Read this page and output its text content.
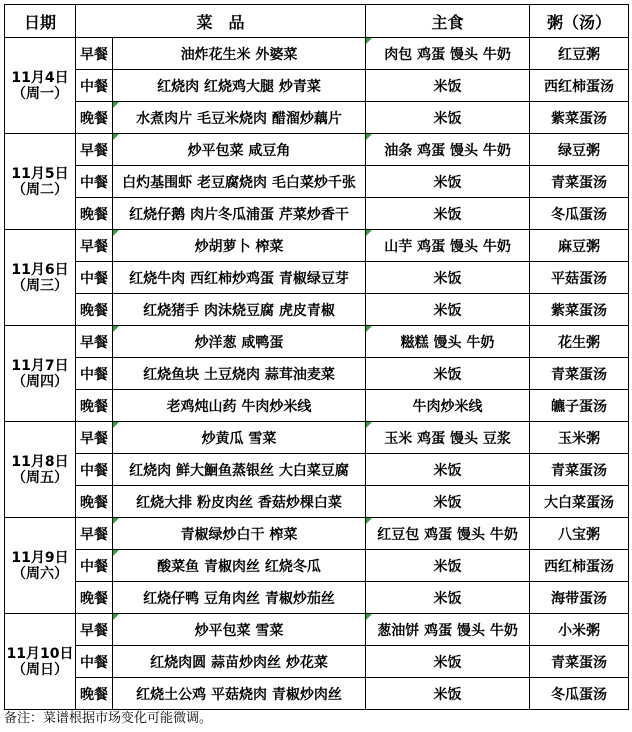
日期	菜　品		主食	粥（汤）

11月4日
（周一）	早餐	油炸花生米 外婆菜	肉包 鸡蛋 馒头 牛奶	红豆粥
	中餐	红烧肉 红烧鸡大腿 炒青菜	米饭	西红柿蛋汤
	晚餐	水煮肉片 毛豆米烧肉 醋溜炒藕片	米饭	紫菜蛋汤

11月5日
（周二）	早餐	炒平包菜 咸豆角	油条 鸡蛋 馒头 牛奶	绿豆粥
	中餐	白灼基围虾 老豆腐烧肉 毛白菜炒千张	米饭	青菜蛋汤
	晚餐	红烧仔鹅 肉片冬瓜浦蛋 芹菜炒香干	米饭	冬瓜蛋汤

11月6日
（周三）	早餐	炒胡萝卜 榨菜	山芋 鸡蛋 馒头 牛奶	麻豆粥
	中餐	红烧牛肉 西红柿炒鸡蛋 青椒绿豆芽	米饭	平菇蛋汤
	晚餐	红烧猪手 肉沫烧豆腐 虎皮青椒	米饭	紫菜蛋汤

11月7日
（周四）	早餐	炒洋葱 咸鸭蛋	糍糕 馒头 牛奶	花生粥
	中餐	红烧鱼块 土豆烧肉 蒜茸油麦菜	米饭	青菜蛋汤
	晚餐	老鸡炖山药 牛肉炒米线	牛肉炒米线	皫子蛋汤

11月8日
（周五）	早餐	炒黄瓜 雪菜	玉米 鸡蛋 馒头 豆浆	玉米粥
	中餐	红烧肉 鲜大鮰鱼蒸银丝 大白菜豆腐	米饭	青菜蛋汤
	晚餐	红烧大排 粉皮肉丝 香菇炒棵白菜	米饭	大白菜蛋汤

11月9日
（周六）	早餐	青椒绿炒白干 榨菜	红豆包 鸡蛋 馒头 牛奶	八宝粥
	中餐	酸菜鱼 青椒肉丝 红烧冬瓜	米饭	西红柿蛋汤
	晚餐	红烧仔鸭 豆角肉丝 青椒炒茄丝	米饭	海带蛋汤

11月10日
（周日）	早餐	炒平包菜 雪菜	葱油饼 鸡蛋 馒头 牛奶	小米粥
	中餐	红烧肉圆 蒜苗炒肉丝 炒花菜	米饭	青菜蛋汤
	晚餐	红烧土公鸡 平菇烧肉 青椒炒肉丝	米饭	冬瓜蛋汤
备注：菜谱根据市场变化可能微调。
